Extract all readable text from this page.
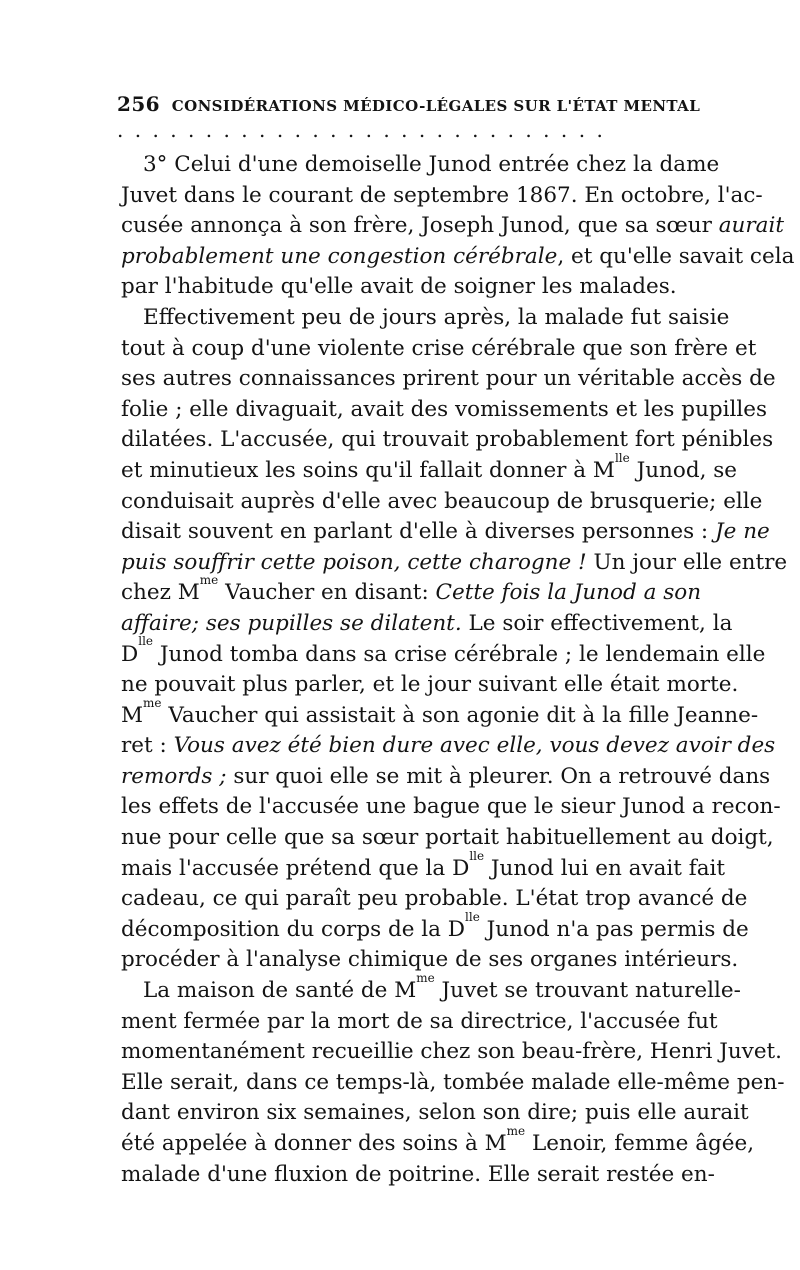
256 CONSIDÉRATIONS MÉDICO-LÉGALES SUR L'ÉTAT MENTAL
............................
3° Celui d'une demoiselle Junod entrée chez la dame
Juvet dans le courant de septembre 1867. En octobre, l'ac-
cusée annonça à son frère, Joseph Junod, que sa sœur aurait
probablement une congestion cérébrale, et qu'elle savait cela
par l'habitude qu'elle avait de soigner les malades.
Effectivement peu de jours après, la malade fut saisie
tout à coup d'une violente crise cérébrale que son frère et
ses autres connaissances prirent pour un véritable accès de
folie ; elle divaguait, avait des vomissements et les pupilles
dilatées. L'accusée, qui trouvait probablement fort pénibles
et minutieux les soins qu'il fallait donner à $M^{lle}$ Junod, se
conduisait auprès d'elle avec beaucoup de brusquerie; elle
disait souvent en parlant d'elle à diverses personnes : Je ne
puis souffrir cette poison, cette charogne ! Un jour elle entre
chez $M^{me}$ Vaucher en disant: Cette fois la Junod a son
affaire; ses pupilles se dilatent. Le soir effectivement, la
$D^{lle}$ Junod tomba dans sa crise cérébrale ; le lendemain elle
ne pouvait plus parler, et le jour suivant elle était morte.
$M^{me}$ Vaucher qui assistait à son agonie dit à la fille Jeanne-
ret : Vous avez été bien dure avec elle, vous devez avoir des
remords ; sur quoi elle se mit à pleurer. On a retrouvé dans
les effets de l'accusée une bague que le sieur Junod a recon-
nue pour celle que sa sœur portait habituellement au doigt,
mais l'accusée prétend que la $D^{lle}$ Junod lui en avait fait
cadeau, ce qui paraît peu probable. L'état trop avancé de
décomposition du corps de la $D^{lle}$ Junod n'a pas permis de
procéder à l'analyse chimique de ses organes intérieurs.
La maison de santé de $M^{me}$ Juvet se trouvant naturelle-
ment fermée par la mort de sa directrice, l'accusée fut
momentanément recueillie chez son beau-frère, Henri Juvet.
Elle serait, dans ce temps-là, tombée malade elle-même pen-
dant environ six semaines, selon son dire; puis elle aurait
été appelée à donner des soins à $M^{me}$ Lenoir, femme âgée,
malade d'une fluxion de poitrine. Elle serait restée en-
